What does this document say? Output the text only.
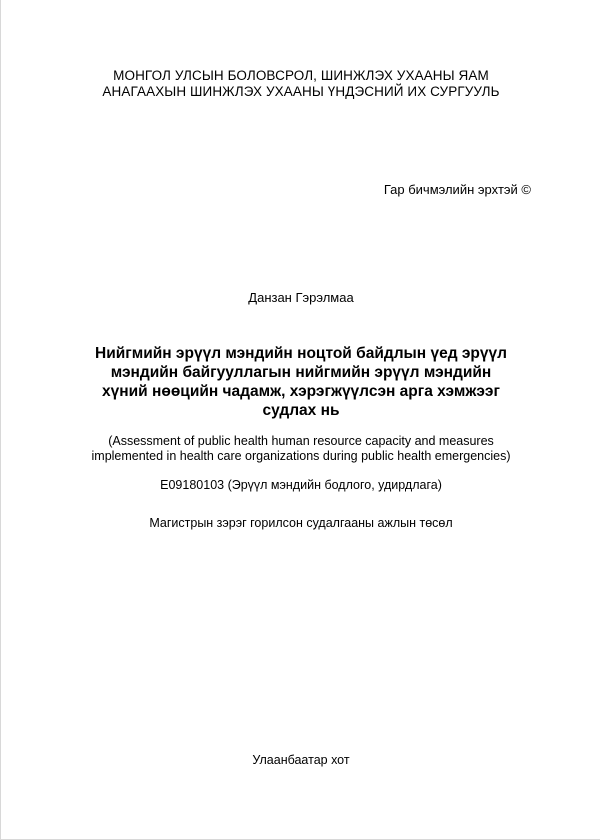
МОНГОЛ УЛСЫН БОЛОВСРОЛ, ШИНЖЛЭХ УХААНЫ ЯАМ
АНАГААХЫН ШИНЖЛЭХ УХААНЫ ҮНДЭСНИЙ ИХ СУРГУУЛЬ
Гар бичмэлийн эрхтэй ©
Данзан Гэрэлмаа
Нийгмийн эрүүл мэндийн ноцтой байдлын үед эрүүл
мэндийн байгууллагын нийгмийн эрүүл мэндийн
хүний нөөцийн чадамж, хэрэгжүүлсэн арга хэмжээг
судлах нь
(Assessment of public health human resource capacity and measures
implemented in health care organizations during public health emergencies)
E09180103 (Эрүүл мэндийн бодлого, удирдлага)
Магистрын зэрэг горилсон судалгааны ажлын төсөл
Улаанбаатар хот
